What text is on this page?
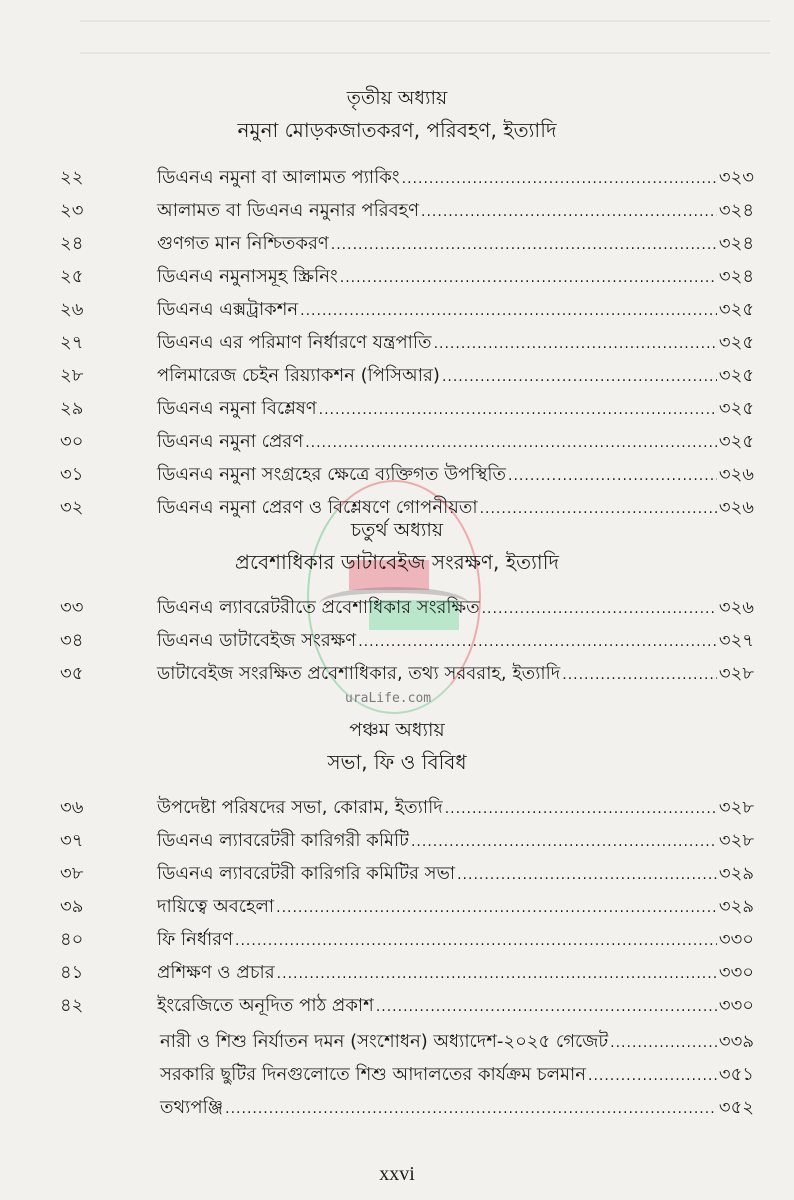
তৃতীয় অধ্যায়
নমুনা মোড়কজাতকরণ, পরিবহণ, ইত্যাদি
২২	ডিএনএ নমুনা বা আলামত প্যাকিং .....	৩২৩
২৩	আলামত বা ডিএনএ নমুনার পরিবহণ .....	৩২৪
২৪	গুণগত মান নিশ্চিতকরণ .....	৩২৪
২৫	ডিএনএ নমুনাসমূহ স্ক্রিনিং .....	৩২৪
২৬	ডিএনএ এক্সট্রাকশন .....	৩২৫
২৭	ডিএনএ এর পরিমাণ নির্ধারণে যন্ত্রপাতি .....	৩২৫
২৮	পলিমারেজ চেইন রিয়্যাকশন (পিসিআর) .....	৩২৫
২৯	ডিএনএ নমুনা বিশ্লেষণ .....	৩২৫
৩০	ডিএনএ নমুনা প্রেরণ .....	৩২৫
৩১	ডিএনএ নমুনা সংগ্রহের ক্ষেত্রে ব্যক্তিগত উপস্থিতি .....	৩২৬
৩২	ডিএনএ নমুনা প্রেরণ ও বিশ্লেষণে গোপনীয়তা .....	৩২৬
চতুর্থ অধ্যায়
প্রবেশাধিকার ডাটাবেইজ সংরক্ষণ, ইত্যাদি
৩৩	ডিএনএ ল্যাবরেটরীতে প্রবেশাধিকার সংরক্ষিত .....	৩২৬
৩৪	ডিএনএ ডাটাবেইজ সংরক্ষণ .....	৩২৭
৩৫	ডাটাবেইজ সংরক্ষিত প্রবেশাধিকার, তথ্য সরবরাহ, ইত্যাদি .....	৩২৮
uraLife.com
পঞ্চম অধ্যায়
সভা, ফি ও বিবিধ
৩৬	উপদেষ্টা পরিষদের সভা, কোরাম, ইত্যাদি .....	৩২৮
৩৭	ডিএনএ ল্যাবরেটরী কারিগরী কমিটি .....	৩২৮
৩৮	ডিএনএ ল্যাবরেটরী কারিগরি কমিটির সভা .....	৩২৯
৩৯	দায়িত্বে অবহেলা .....	৩২৯
৪০	ফি নির্ধারণ .....	৩৩০
৪১	প্রশিক্ষণ ও প্রচার .....	৩৩০
৪২	ইংরেজিতে অনূদিত পাঠ প্রকাশ .....	৩৩০
নারী ও শিশু নির্যাতন দমন (সংশোধন) অধ্যাদেশ-২০২৫ গেজেট .....	৩৩৯
সরকারি ছুটির দিনগুলোতে শিশু আদালতের কার্যক্রম চলমান .....	৩৫১
তথ্যপঞ্জি .....	৩৫২
xxvi
